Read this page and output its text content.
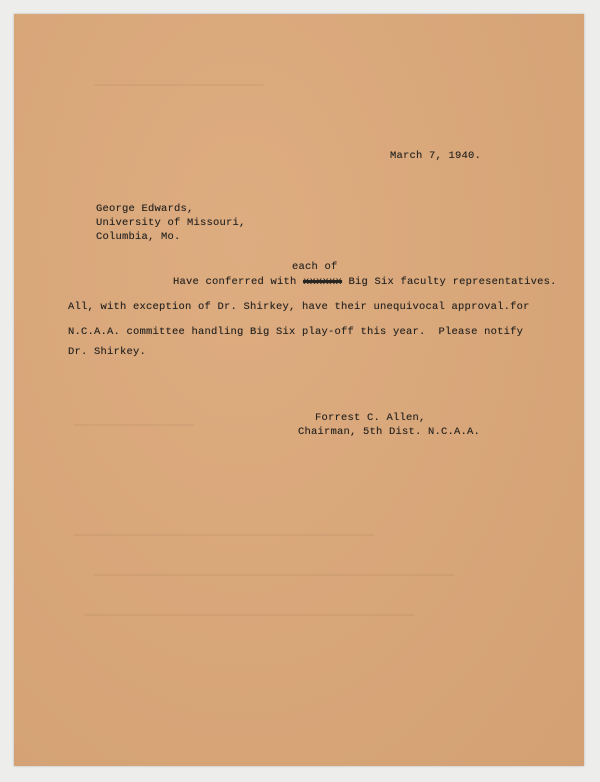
March 7, 1940.
George Edwards,
University of Missouri,
Columbia, Mo.
each of
Have conferred with xxxxxx Big Six faculty representatives.
All, with exception of Dr. Shirkey, have their unequivocal approval.for
N.C.A.A. committee handling Big Six play-off this year.  Please notify
Dr. Shirkey.
Forrest C. Allen,
Chairman, 5th Dist. N.C.A.A.
